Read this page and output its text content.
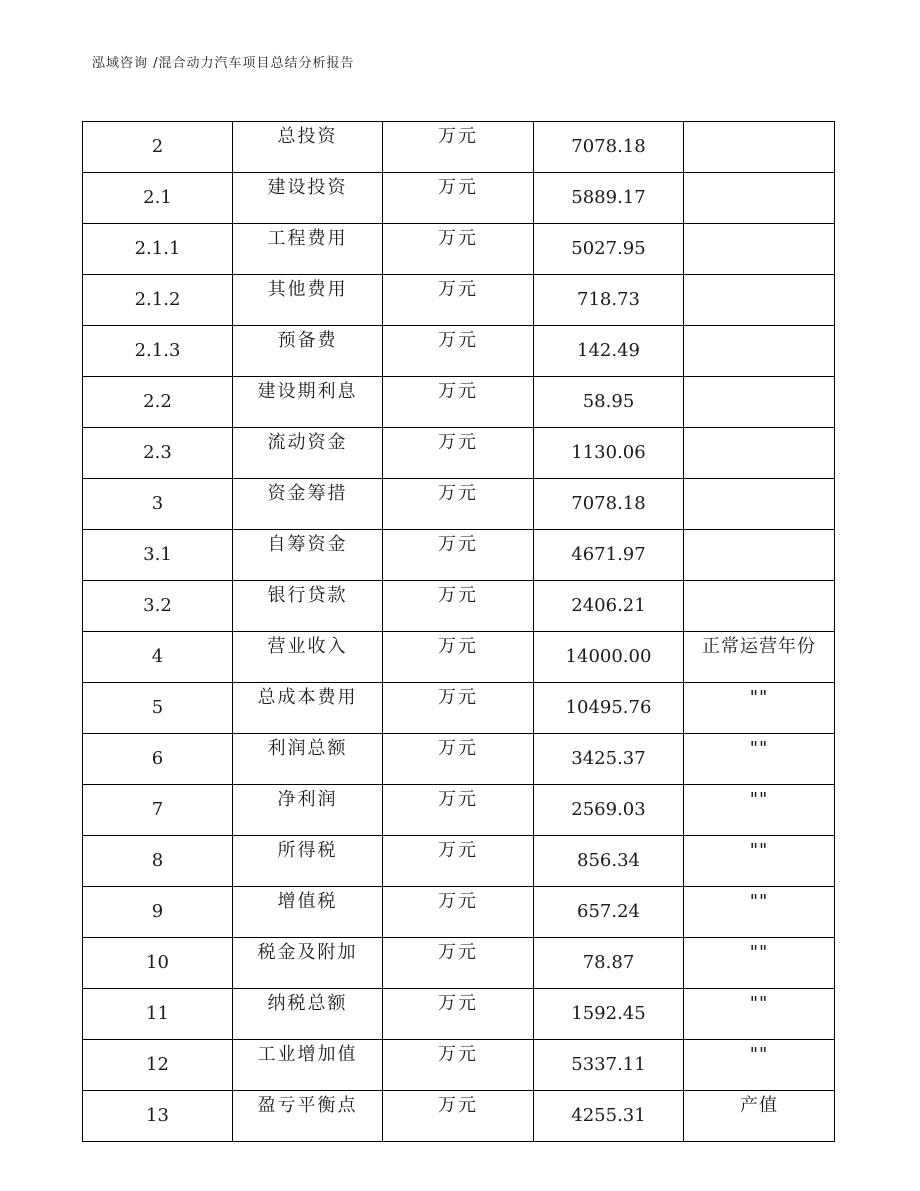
泓域咨询 /混合动力汽车项目总结分析报告
2	总投资	万元	7078.18	
2.1	建设投资	万元	5889.17	
2.1.1	工程费用	万元	5027.95	
2.1.2	其他费用	万元	718.73	
2.1.3	预备费	万元	142.49	
2.2	建设期利息	万元	58.95	
2.3	流动资金	万元	1130.06	
3	资金筹措	万元	7078.18	
3.1	自筹资金	万元	4671.97	
3.2	银行贷款	万元	2406.21	
4	营业收入	万元	14000.00	正常运营年份
5	总成本费用	万元	10495.76	""
6	利润总额	万元	3425.37	""
7	净利润	万元	2569.03	""
8	所得税	万元	856.34	""
9	增值税	万元	657.24	""
10	税金及附加	万元	78.87	""
11	纳税总额	万元	1592.45	""
12	工业增加值	万元	5337.11	""
13	盈亏平衡点	万元	4255.31	产值
